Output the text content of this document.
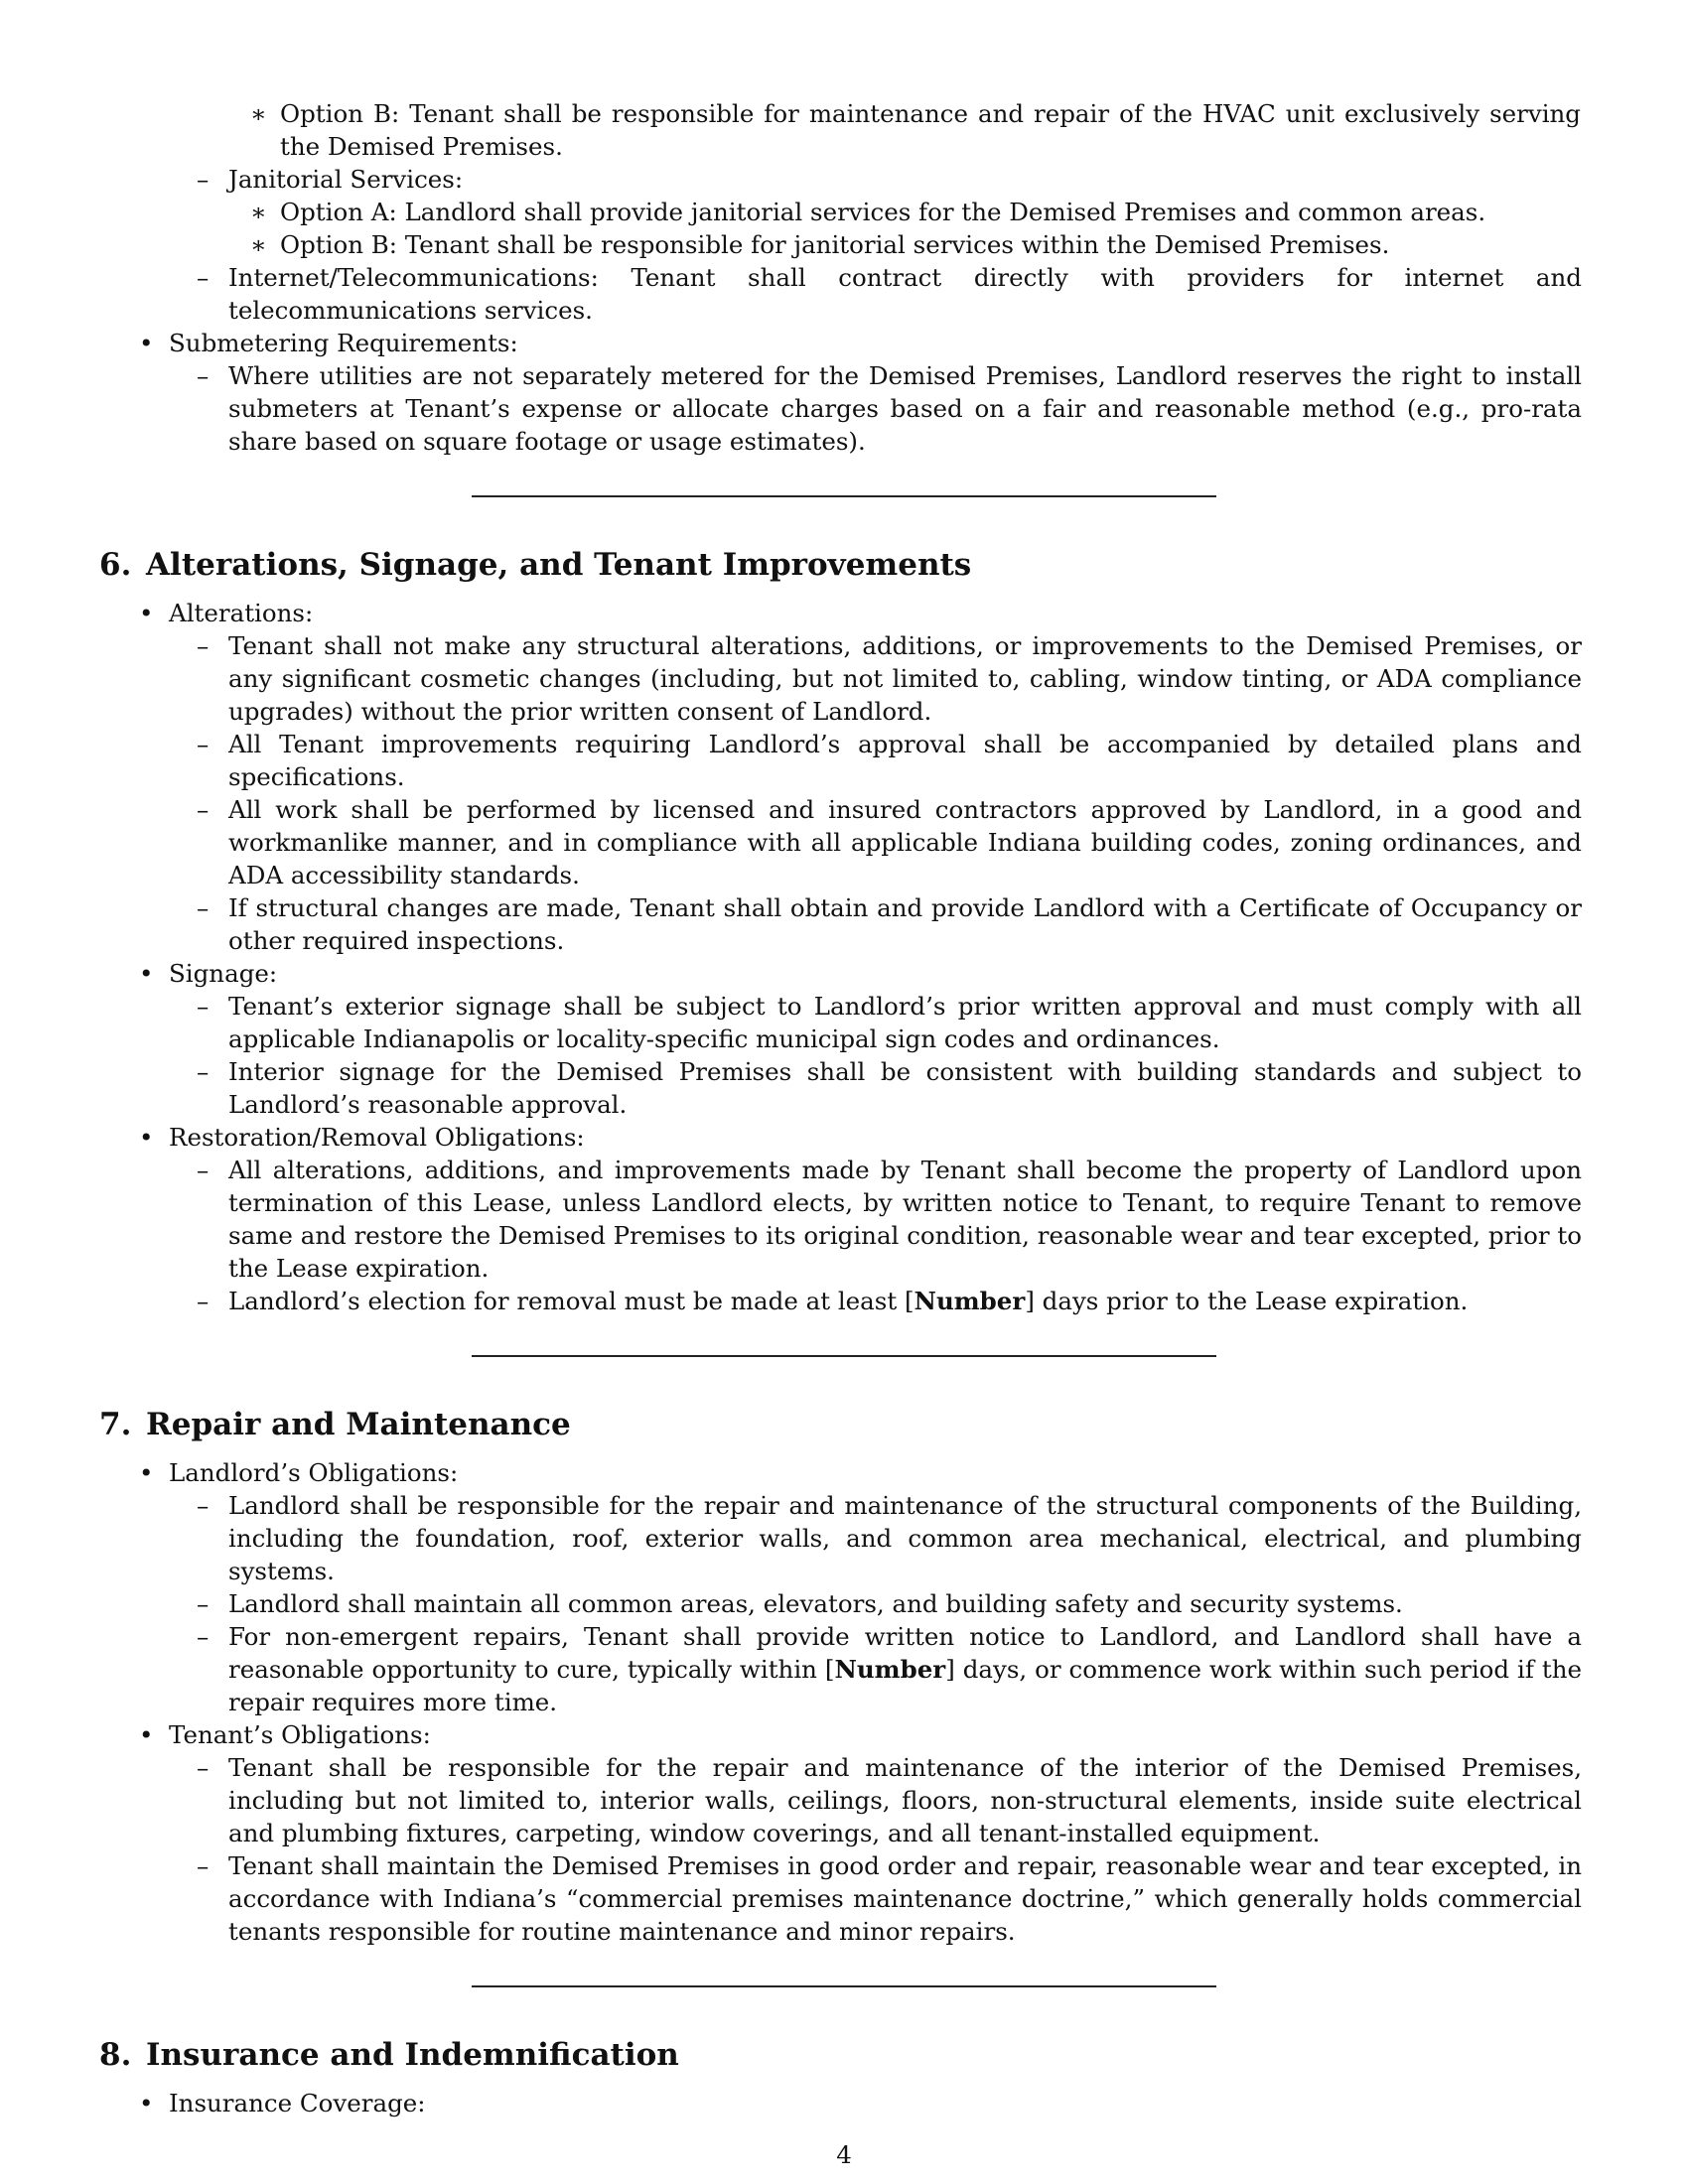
∗ Option B: Tenant shall be responsible for maintenance and repair of the HVAC unit exclusively serving the Demised Premises.
– Janitorial Services:
∗ Option A: Landlord shall provide janitorial services for the Demised Premises and common areas.
∗ Option B: Tenant shall be responsible for janitorial services within the Demised Premises.
– Internet/Telecommunications: Tenant shall contract directly with providers for internet and telecommunications services.
• Submetering Requirements:
– Where utilities are not separately metered for the Demised Premises, Landlord reserves the right to install submeters at Tenant’s expense or allocate charges based on a fair and reasonable method (e.g., pro-rata share based on square footage or usage estimates).
6. Alterations, Signage, and Tenant Improvements
• Alterations:
– Tenant shall not make any structural alterations, additions, or improvements to the Demised Premises, or any significant cosmetic changes (including, but not limited to, cabling, window tinting, or ADA compliance upgrades) without the prior written consent of Landlord.
– All Tenant improvements requiring Landlord’s approval shall be accompanied by detailed plans and specifications.
– All work shall be performed by licensed and insured contractors approved by Landlord, in a good and workmanlike manner, and in compliance with all applicable Indiana building codes, zoning ordinances, and ADA accessibility standards.
– If structural changes are made, Tenant shall obtain and provide Landlord with a Certificate of Occupancy or other required inspections.
• Signage:
– Tenant’s exterior signage shall be subject to Landlord’s prior written approval and must comply with all applicable Indianapolis or locality-specific municipal sign codes and ordinances.
– Interior signage for the Demised Premises shall be consistent with building standards and subject to Landlord’s reasonable approval.
• Restoration/Removal Obligations:
– All alterations, additions, and improvements made by Tenant shall become the property of Landlord upon termination of this Lease, unless Landlord elects, by written notice to Tenant, to require Tenant to remove same and restore the Demised Premises to its original condition, reasonable wear and tear excepted, prior to the Lease expiration.
– Landlord’s election for removal must be made at least [Number] days prior to the Lease expiration.
7. Repair and Maintenance
• Landlord’s Obligations:
– Landlord shall be responsible for the repair and maintenance of the structural components of the Building, including the foundation, roof, exterior walls, and common area mechanical, electrical, and plumbing systems.
– Landlord shall maintain all common areas, elevators, and building safety and security systems.
– For non-emergent repairs, Tenant shall provide written notice to Landlord, and Landlord shall have a reasonable opportunity to cure, typically within [Number] days, or commence work within such period if the repair requires more time.
• Tenant’s Obligations:
– Tenant shall be responsible for the repair and maintenance of the interior of the Demised Premises, including but not limited to, interior walls, ceilings, floors, non-structural elements, inside suite electrical and plumbing fixtures, carpeting, window coverings, and all tenant-installed equipment.
– Tenant shall maintain the Demised Premises in good order and repair, reasonable wear and tear excepted, in accordance with Indiana’s “commercial premises maintenance doctrine,” which generally holds commercial tenants responsible for routine maintenance and minor repairs.
8. Insurance and Indemnification
• Insurance Coverage:
4
